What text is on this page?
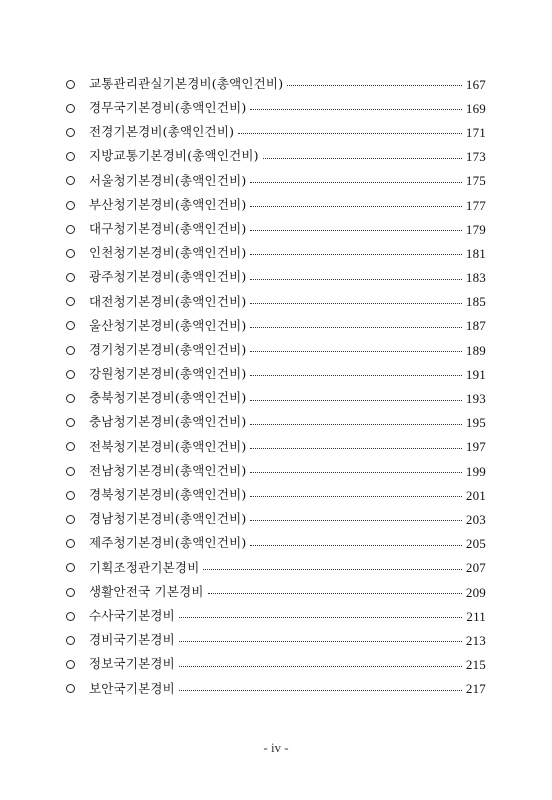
교통관리관실기본경비(총액인건비)	167
경무국기본경비(총액인건비)	169
전경기본경비(총액인건비)	171
지방교통기본경비(총액인건비)	173
서울청기본경비(총액인건비)	175
부산청기본경비(총액인건비)	177
대구청기본경비(총액인건비)	179
인천청기본경비(총액인건비)	181
광주청기본경비(총액인건비)	183
대전청기본경비(총액인건비)	185
울산청기본경비(총액인건비)	187
경기청기본경비(총액인건비)	189
강원청기본경비(총액인건비)	191
충북청기본경비(총액인건비)	193
충남청기본경비(총액인건비)	195
전북청기본경비(총액인건비)	197
전남청기본경비(총액인건비)	199
경북청기본경비(총액인건비)	201
경남청기본경비(총액인건비)	203
제주청기본경비(총액인건비)	205
기획조정관기본경비	207
생활안전국 기본경비	209
수사국기본경비	211
경비국기본경비	213
정보국기본경비	215
보안국기본경비	217
- iv -
